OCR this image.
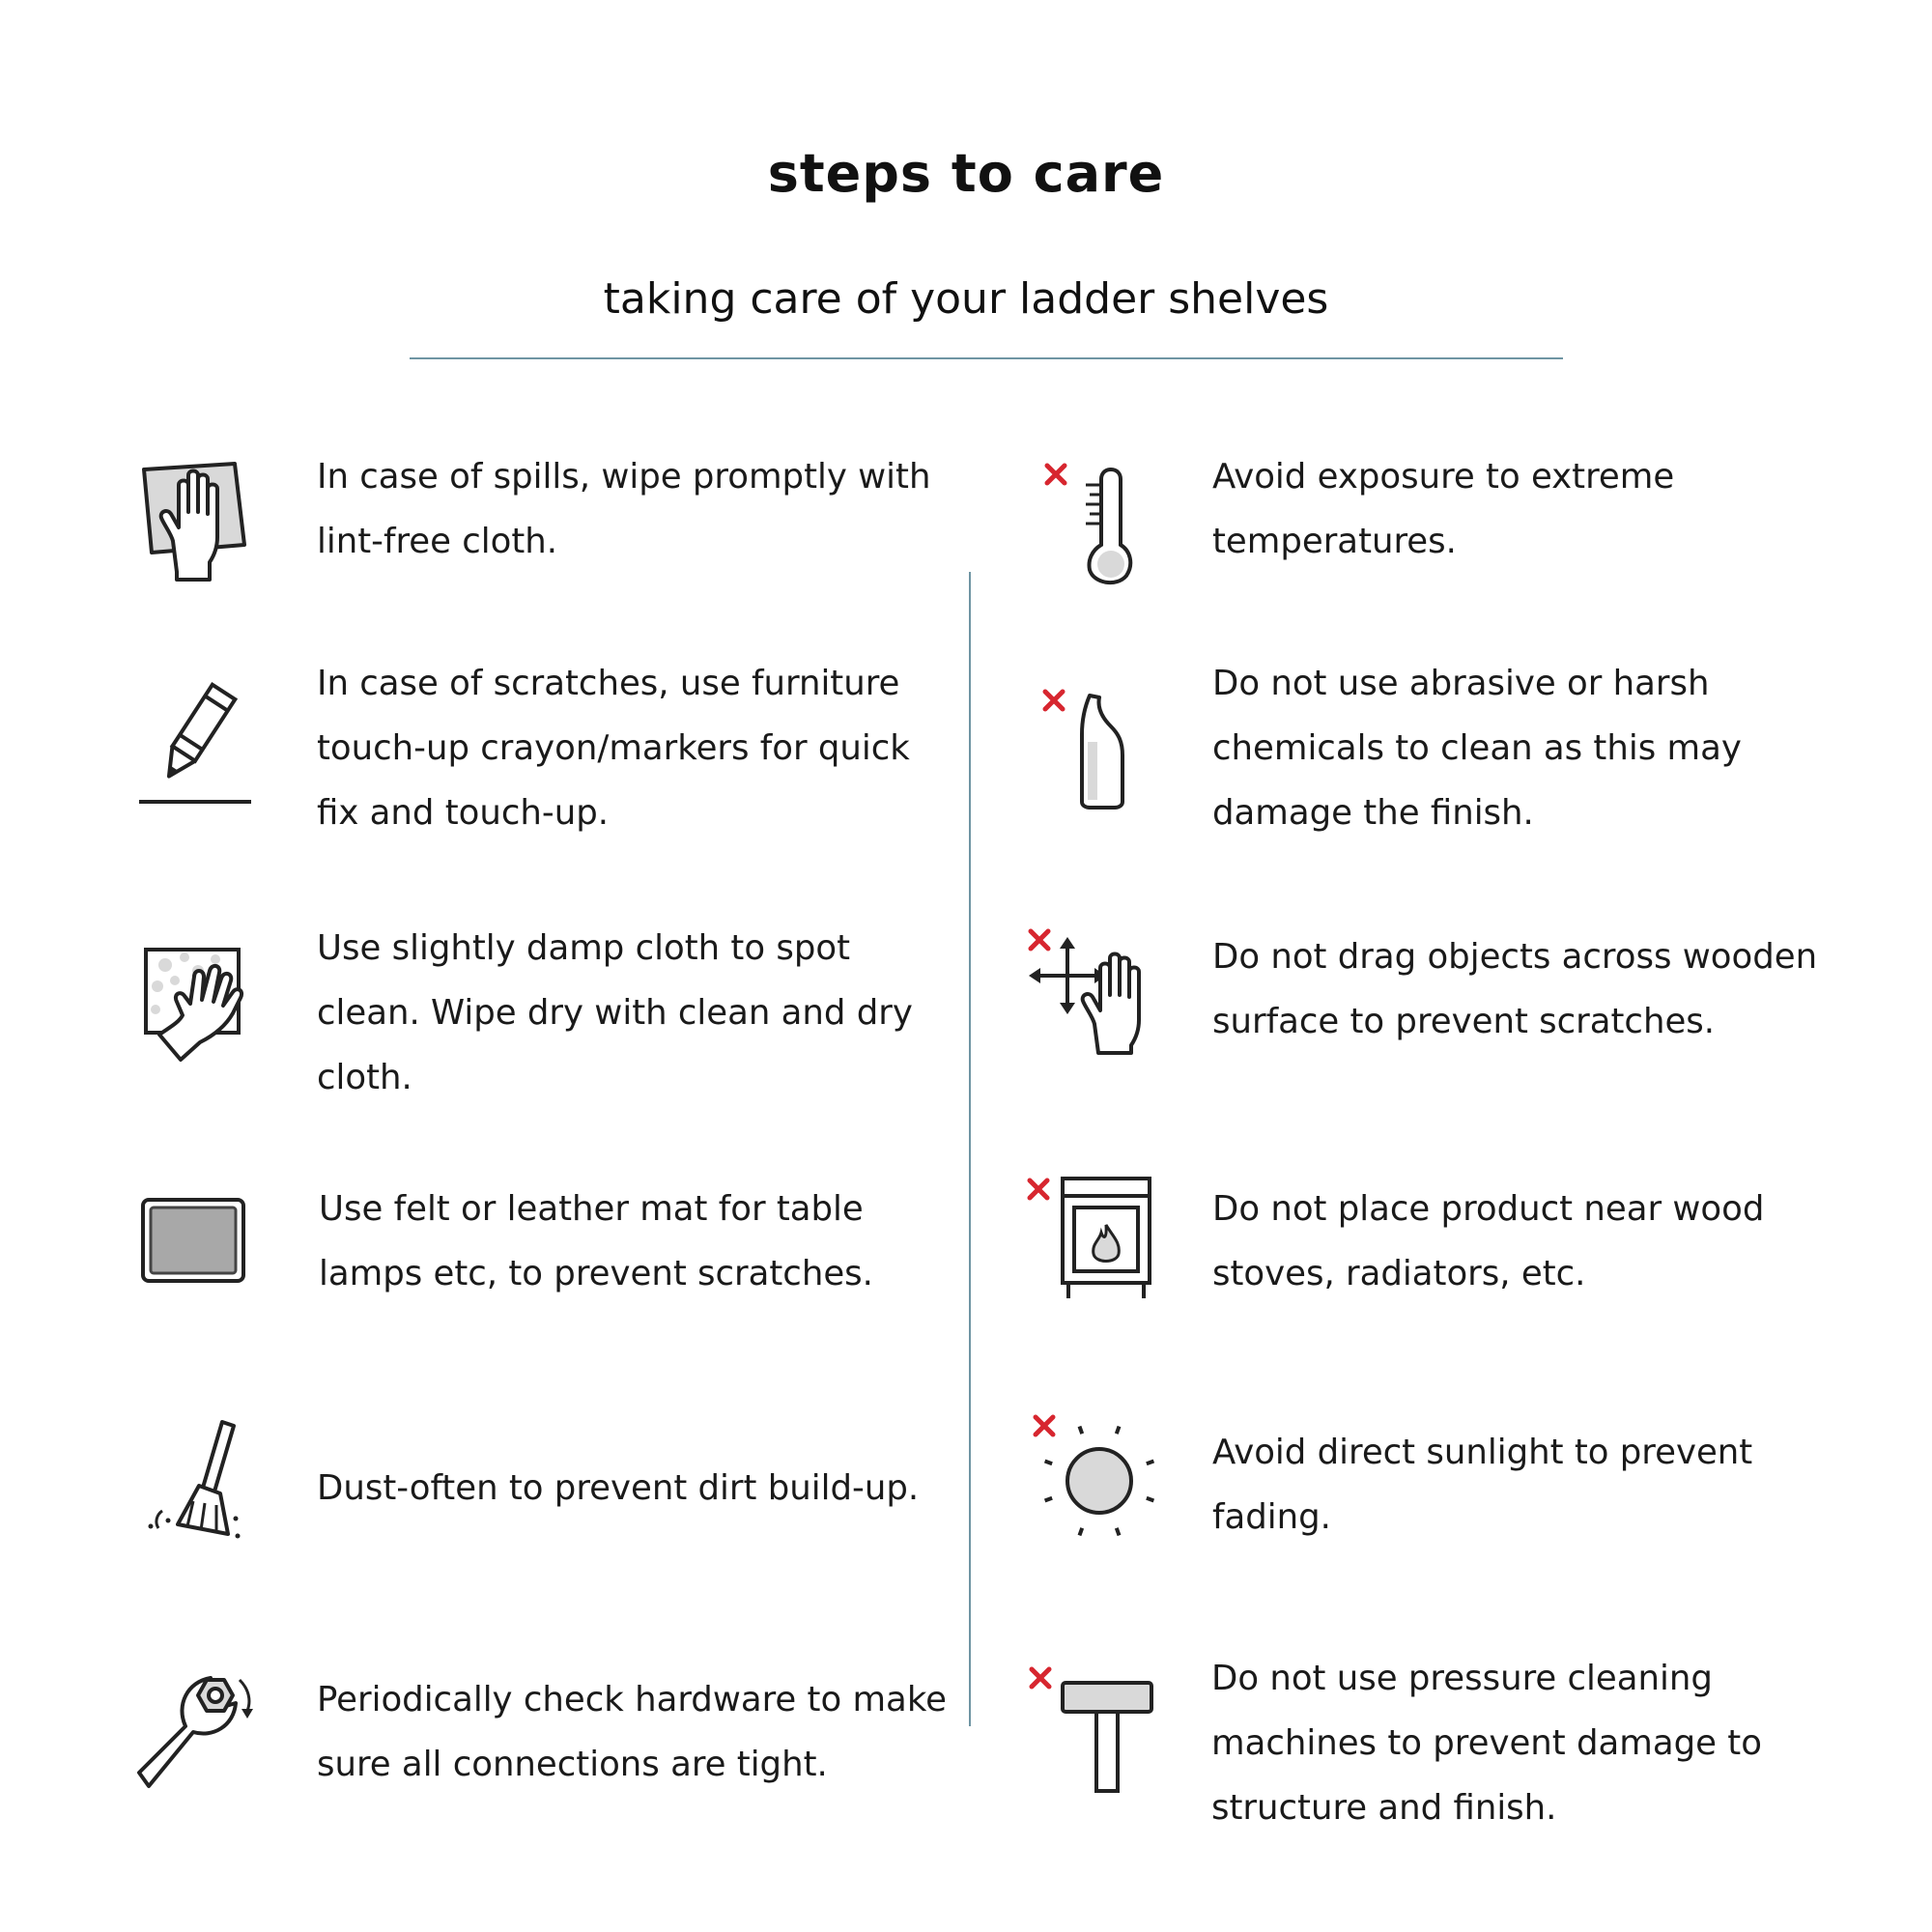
steps to care
taking care of your ladder shelves
In case of spills, wipe promptly with lint-free cloth.
In case of scratches, use furniture touch-up crayon/markers for quick fix and touch-up.
Use slightly damp cloth to spot clean. Wipe dry with clean and dry cloth.
Use felt or leather mat for table lamps etc, to prevent scratches.
Dust-often to prevent dirt build-up.
Periodically check hardware to make sure all connections are tight.
Avoid exposure to extreme temperatures.
Do not use abrasive or harsh chemicals to clean as this may damage the finish.
Do not drag objects across wooden surface to prevent scratches.
Do not place product near wood stoves, radiators, etc.
Avoid direct sunlight to prevent fading.
Do not use pressure cleaning machines to prevent damage to structure and finish.
